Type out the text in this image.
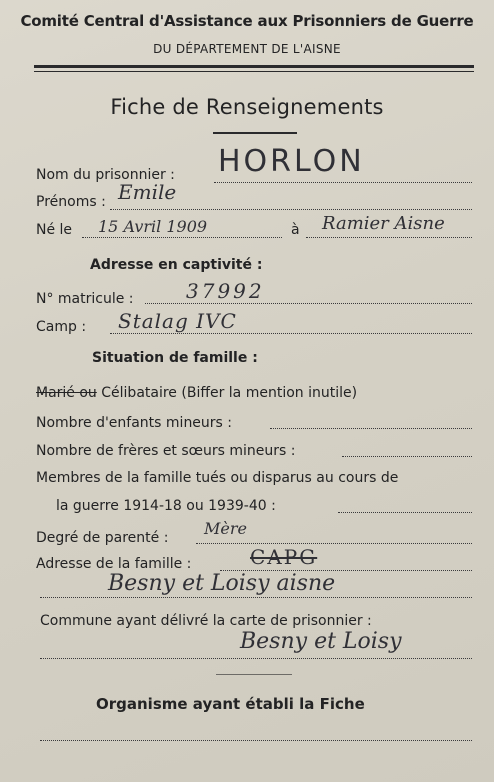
Comité Central d'Assistance aux Prisonniers de Guerre
DU DÉPARTEMENT DE L'AISNE
Fiche de Renseignements
Nom du prisonnier : HORLON
Prénoms : Emile
Né le 15 Avril 1909	à Ramier Aisne
Adresse en captivité :
N° matricule :	37992
Camp : Stalag IVC
Situation de famille :
Marié ou Célibataire (Biffer la mention inutile)
Nombre d'enfants mineurs :
Nombre de frères et sœurs mineurs :
Membres de la famille tués ou disparus au cours de
la guerre 1914-18 ou 1939-40 :
Degré de parenté : Mère
Adresse de la famille :	CAPG
Besny et Loisy aisne
Commune ayant délivré la carte de prisonnier :
Besny et Loisy
Organisme ayant établi la Fiche
